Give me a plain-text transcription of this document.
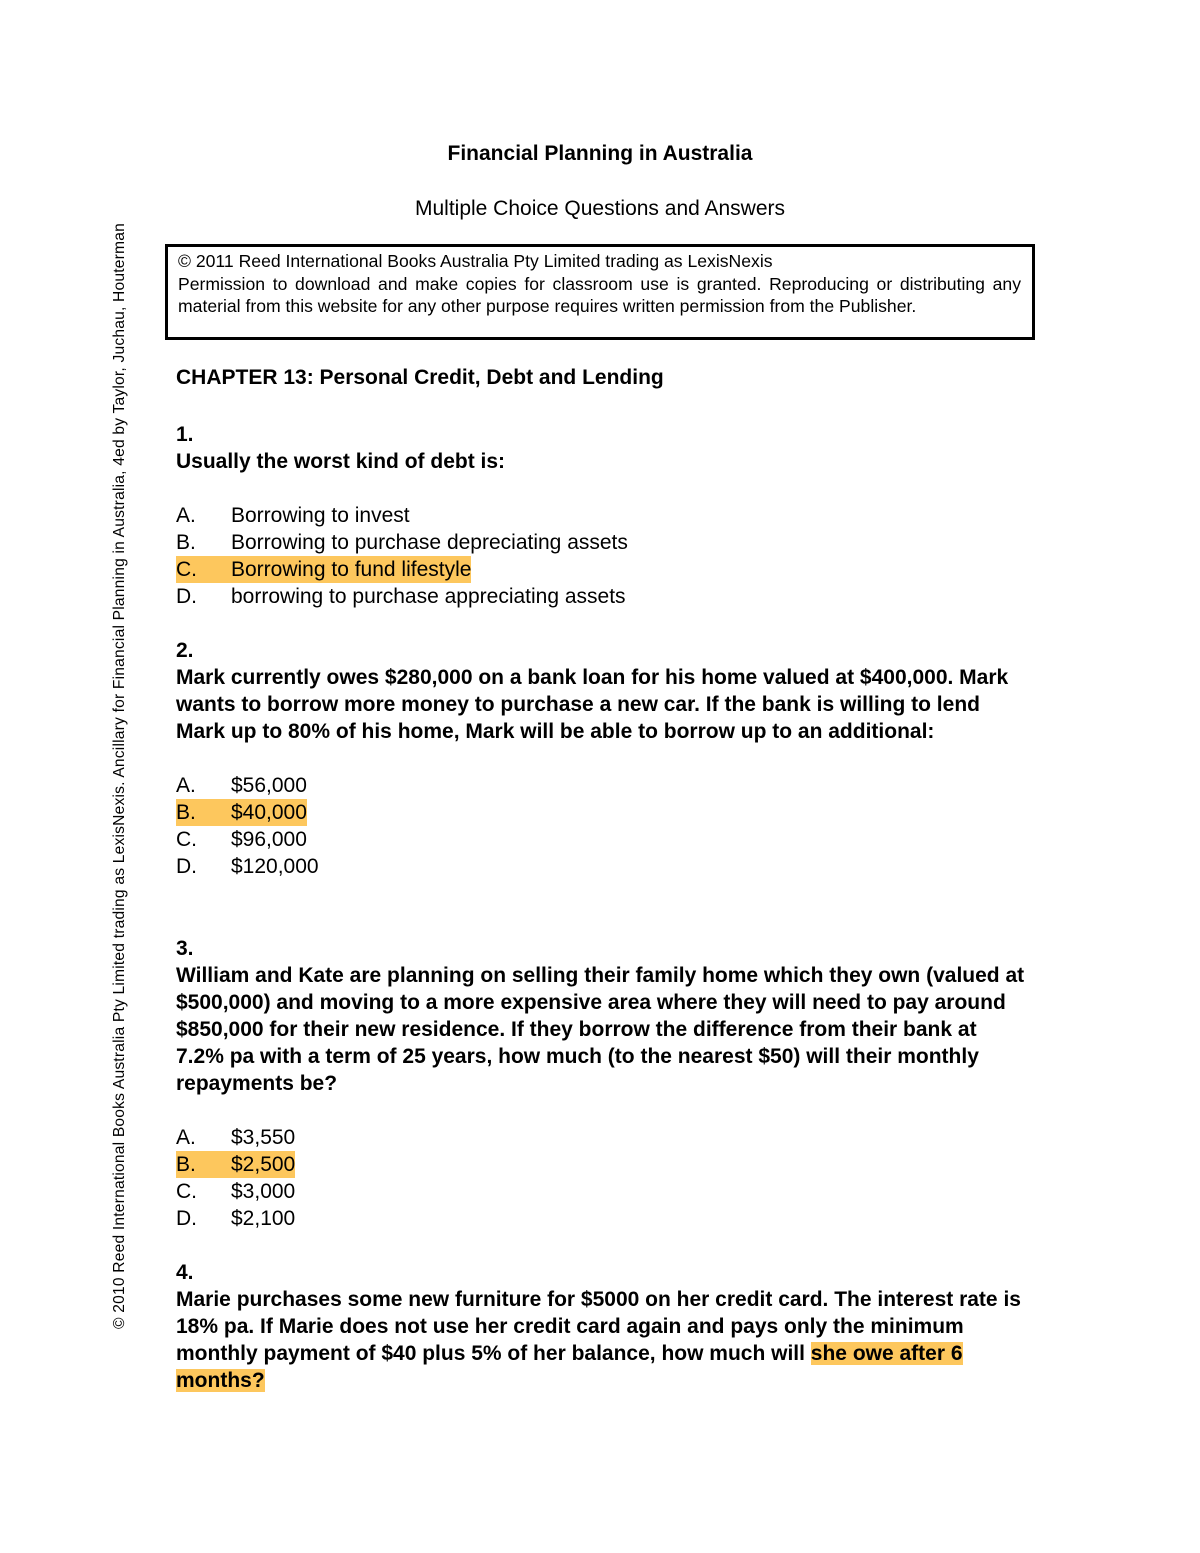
© 2010 Reed International Books Australia Pty Limited trading as LexisNexis. Ancillary for Financial Planning in Australia, 4ed by Taylor, Juchau, Houterman
Financial Planning in Australia
Multiple Choice Questions and Answers
© 2011 Reed International Books Australia Pty Limited trading as LexisNexis
Permission to download and make copies for classroom use is granted. Reproducing or distributing any material from this website for any other purpose requires written permission from the Publisher.
CHAPTER 13: Personal Credit, Debt and Lending
1.
Usually the worst kind of debt is:
A. Borrowing to invest
B. Borrowing to purchase depreciating assets
C. Borrowing to fund lifestyle
D. borrowing to purchase appreciating assets
2.
Mark currently owes $280,000 on a bank loan for his home valued at $400,000. Mark wants to borrow more money to purchase a new car. If the bank is willing to lend Mark up to 80% of his home, Mark will be able to borrow up to an additional:
A. $56,000
B. $40,000
C. $96,000
D. $120,000
3.
William and Kate are planning on selling their family home which they own (valued at $500,000) and moving to a more expensive area where they will need to pay around $850,000 for their new residence. If they borrow the difference from their bank at 7.2% pa with a term of 25 years, how much (to the nearest $50) will their monthly repayments be?
A. $3,550
B. $2,500
C. $3,000
D. $2,100
4.
Marie purchases some new furniture for $5000 on her credit card. The interest rate is 18% pa. If Marie does not use her credit card again and pays only the minimum monthly payment of $40 plus 5% of her balance, how much will she owe after 6 months?
